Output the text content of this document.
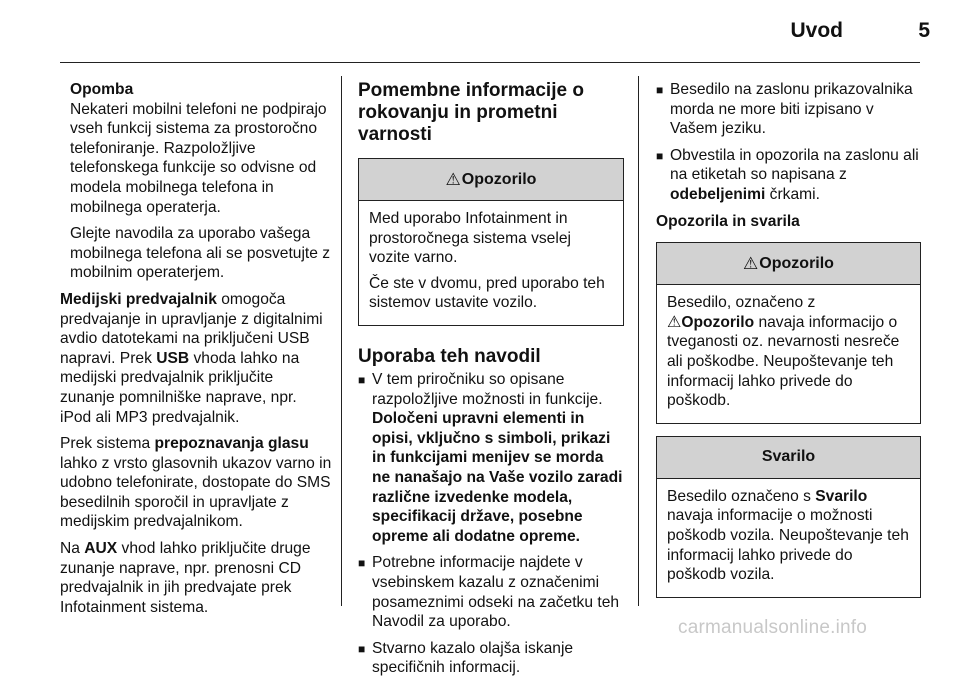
Uvod	5
Opomba
Nekateri mobilni telefoni ne podpirajo vseh funkcij sistema za prostoročno telefoniranje. Razpoložljive telefonskega funkcije so odvisne od modela mobilnega telefona in mobilnega operaterja.
Glejte navodila za uporabo vašega mobilnega telefona ali se posvetujte z mobilnim operaterjem.
Medijski predvajalnik omogoča predvajanje in upravljanje z digitalnimi avdio datotekami na priključeni USB napravi. Prek USB vhoda lahko na medijski predvajalnik priključite zunanje pomnilniške naprave, npr. iPod ali MP3 predvajalnik.
Prek sistema prepoznavanja glasu lahko z vrsto glasovnih ukazov varno in udobno telefonirate, dostopate do SMS besedilnih sporočil in upravljate z medijskim predvajalnikom.
Na AUX vhod lahko priključite druge zunanje naprave, npr. prenosni CD predvajalnik in jih predvajate prek Infotainment sistema.
Pomembne informacije o rokovanju in prometni varnosti
⚠ Opozorilo
Med uporabo Infotainment in prostoročnega sistema vselej vozite varno.
Če ste v dvomu, pred uporabo teh sistemov ustavite vozilo.
Uporaba teh navodil
■ V tem priročniku so opisane razpoložljive možnosti in funkcije. Določeni upravni elementi in opisi, vključno s simboli, prikazi in funkcijami menijev se morda ne nanašajo na Vaše vozilo zaradi različne izvedenke modela, specifikacij države, posebne opreme ali dodatne opreme.
■ Potrebne informacije najdete v vsebinskem kazalu z označenimi posameznimi odseki na začetku teh Navodil za uporabo.
■ Stvarno kazalo olajša iskanje specifičnih informacij.
■ Besedilo na zaslonu prikazovalnika morda ne more biti izpisano v Vašem jeziku.
■ Obvestila in opozorila na zaslonu ali na etiketah so napisana z odebeljenimi črkami.
Opozorila in svarila
⚠ Opozorilo
Besedilo, označeno z
⚠Opozorilo navaja informacijo o tveganosti oz. nevarnosti nesreče ali poškodbe. Neupoštevanje teh informacij lahko privede do poškodb.
Svarilo
Besedilo označeno s Svarilo navaja informacije o možnosti poškodb vozila. Neupoštevanje teh informacij lahko privede do poškodb vozila.
carmanualsonline.info
